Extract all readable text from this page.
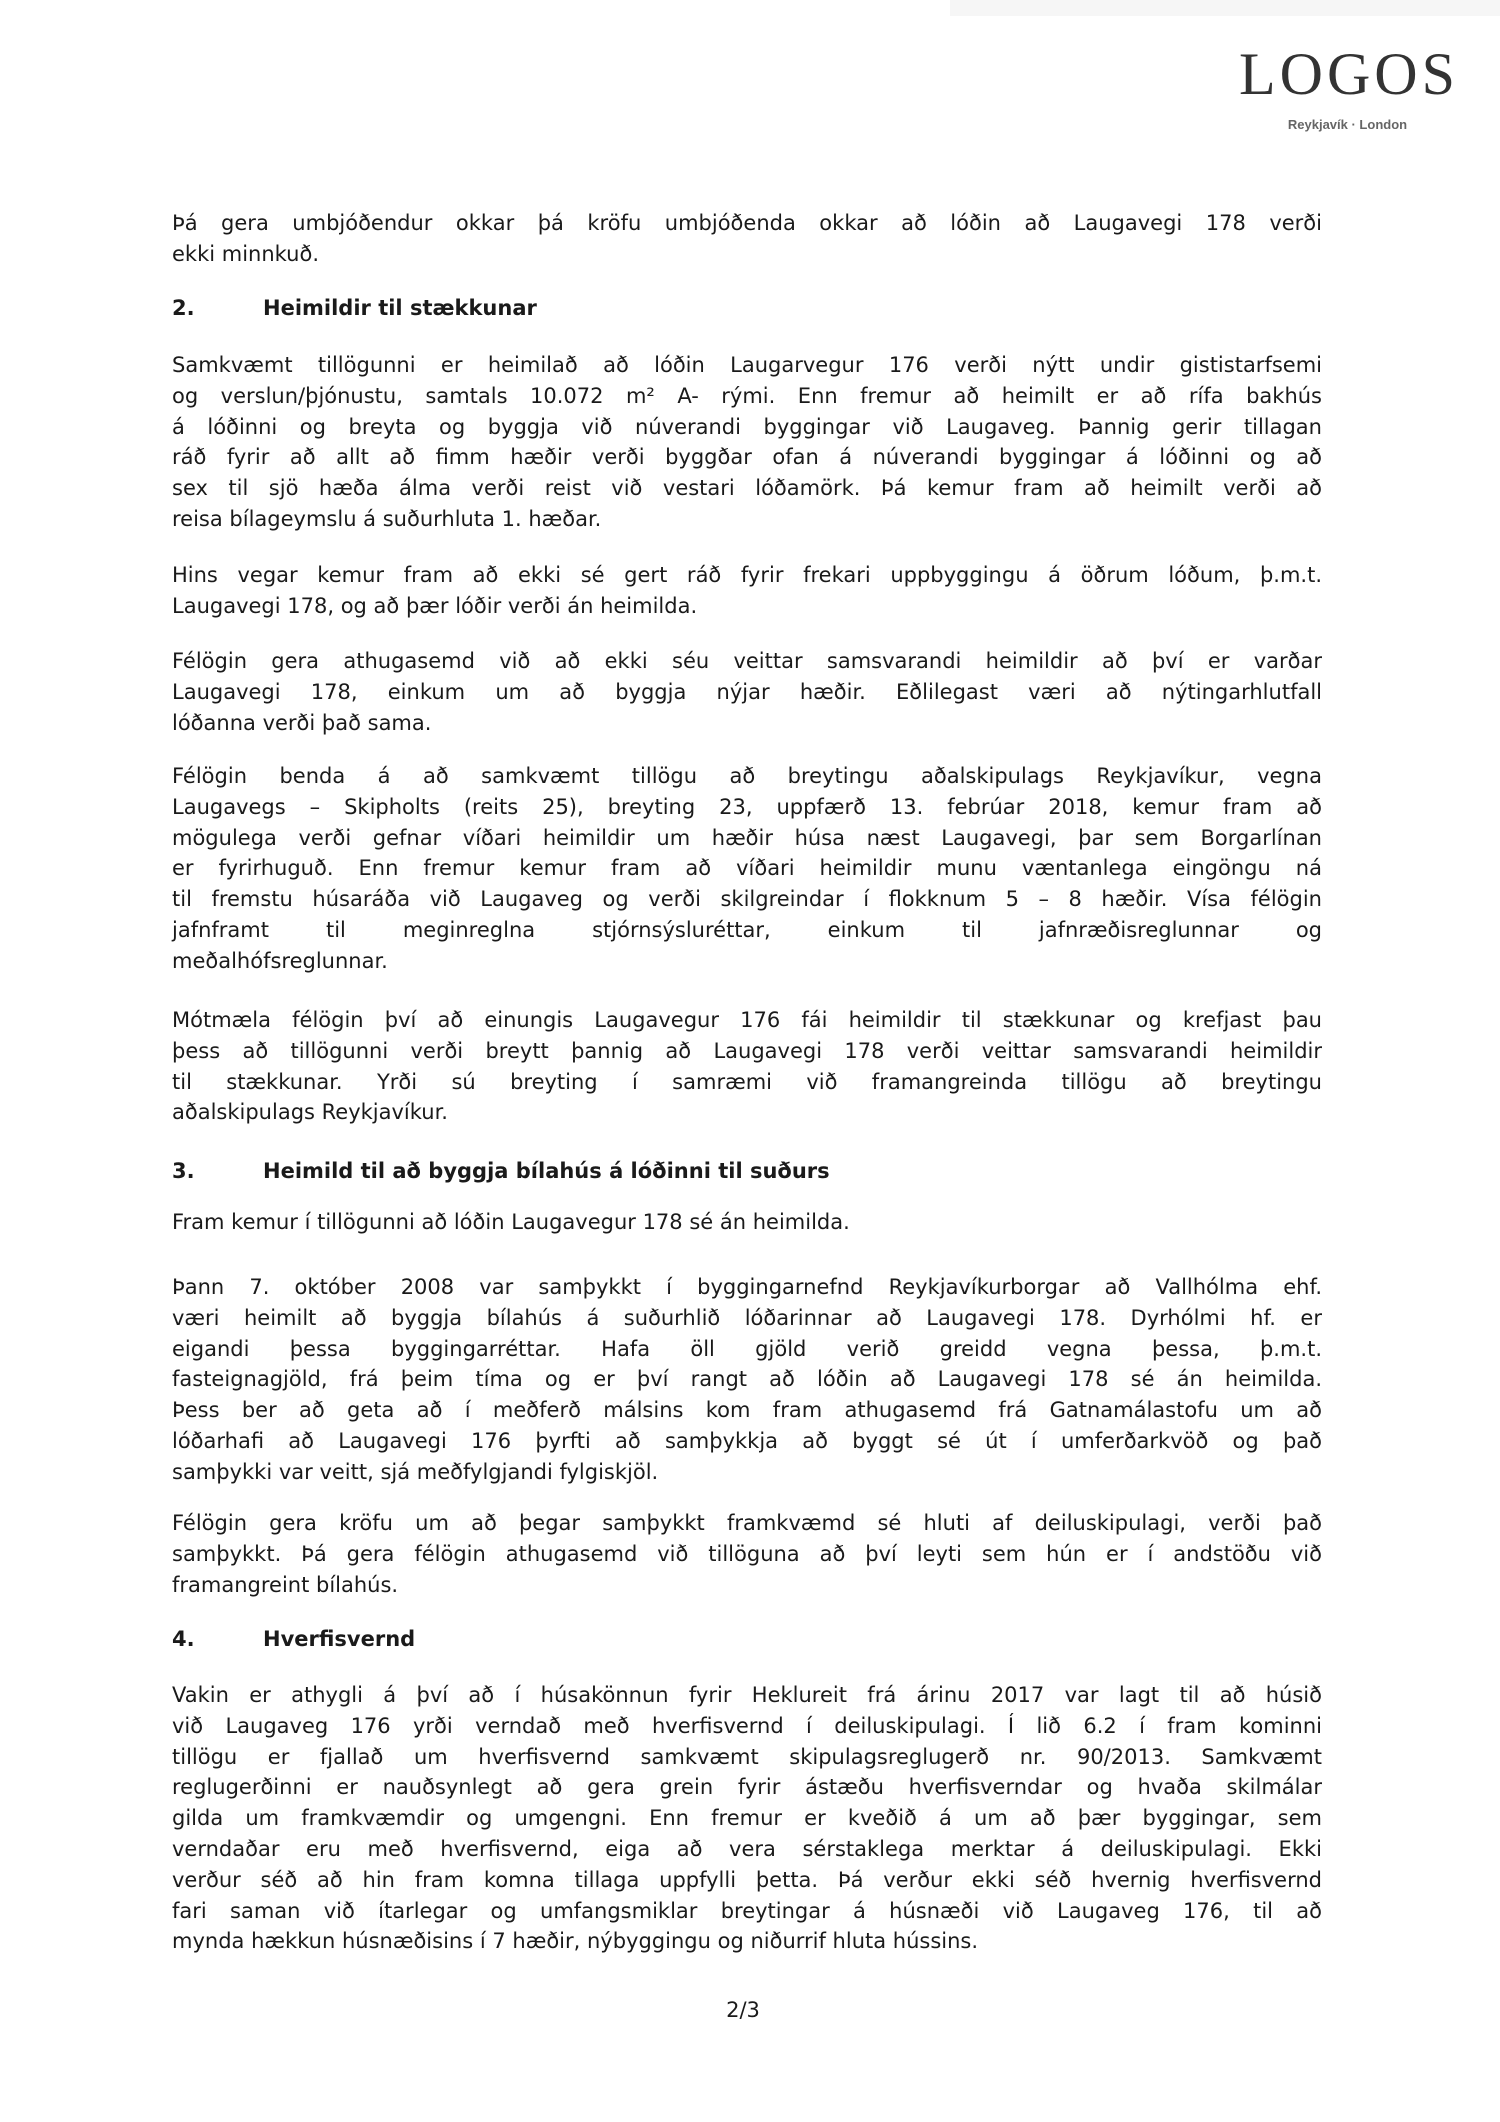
LOGOS
Reykjavík · London
Þá gera umbjóðendur okkar þá kröfu umbjóðenda okkar að lóðin að Laugavegi 178 verði
ekki minnkuð.
2.	Heimildir til stækkunar
Samkvæmt tillögunni er heimilað að lóðin Laugarvegur 176 verði nýtt undir gististarfsemi
og verslun/þjónustu, samtals 10.072 m² A- rými. Enn fremur að heimilt er að rífa bakhús
á lóðinni og breyta og byggja við núverandi byggingar við Laugaveg. Þannig gerir tillagan
ráð fyrir að allt að fimm hæðir verði byggðar ofan á núverandi byggingar á lóðinni og að
sex til sjö hæða álma verði reist við vestari lóðamörk. Þá kemur fram að heimilt verði að
reisa bílageymslu á suðurhluta 1. hæðar.
Hins vegar kemur fram að ekki sé gert ráð fyrir frekari uppbyggingu á öðrum lóðum, þ.m.t.
Laugavegi 178, og að þær lóðir verði án heimilda.
Félögin gera athugasemd við að ekki séu veittar samsvarandi heimildir að því er varðar
Laugavegi 178, einkum um að byggja nýjar hæðir. Eðlilegast væri að nýtingarhlutfall
lóðanna verði það sama.
Félögin benda á að samkvæmt tillögu að breytingu aðalskipulags Reykjavíkur, vegna
Laugavegs – Skipholts (reits 25), breyting 23, uppfærð 13. febrúar 2018, kemur fram að
mögulega verði gefnar víðari heimildir um hæðir húsa næst Laugavegi, þar sem Borgarlínan
er fyrirhuguð. Enn fremur kemur fram að víðari heimildir munu væntanlega eingöngu ná
til fremstu húsaráða við Laugaveg og verði skilgreindar í flokknum 5 – 8 hæðir. Vísa félögin
jafnframt til meginreglna stjórnsýsluréttar, einkum til jafnræðisreglunnar og
meðalhófsreglunnar.
Mótmæla félögin því að einungis Laugavegur 176 fái heimildir til stækkunar og krefjast þau
þess að tillögunni verði breytt þannig að Laugavegi 178 verði veittar samsvarandi heimildir
til stækkunar. Yrði sú breyting í samræmi við framangreinda tillögu að breytingu
aðalskipulags Reykjavíkur.
3.	Heimild til að byggja bílahús á lóðinni til suðurs
Fram kemur í tillögunni að lóðin Laugavegur 178 sé án heimilda.
Þann 7. október 2008 var samþykkt í byggingarnefnd Reykjavíkurborgar að Vallhólma ehf.
væri heimilt að byggja bílahús á suðurhlið lóðarinnar að Laugavegi 178. Dyrhólmi hf. er
eigandi þessa byggingarréttar. Hafa öll gjöld verið greidd vegna þessa, þ.m.t.
fasteignagjöld, frá þeim tíma og er því rangt að lóðin að Laugavegi 178 sé án heimilda.
Þess ber að geta að í meðferð málsins kom fram athugasemd frá Gatnamálastofu um að
lóðarhafi að Laugavegi 176 þyrfti að samþykkja að byggt sé út í umferðarkvöð og það
samþykki var veitt, sjá meðfylgjandi fylgiskjöl.
Félögin gera kröfu um að þegar samþykkt framkvæmd sé hluti af deiluskipulagi, verði það
samþykkt. Þá gera félögin athugasemd við tillöguna að því leyti sem hún er í andstöðu við
framangreint bílahús.
4.	Hverfisvernd
Vakin er athygli á því að í húsakönnun fyrir Heklureit frá árinu 2017 var lagt til að húsið
við Laugaveg 176 yrði verndað með hverfisvernd í deiluskipulagi. Í lið 6.2 í fram kominni
tillögu er fjallað um hverfisvernd samkvæmt skipulagsreglugerð nr. 90/2013. Samkvæmt
reglugerðinni er nauðsynlegt að gera grein fyrir ástæðu hverfisverndar og hvaða skilmálar
gilda um framkvæmdir og umgengni. Enn fremur er kveðið á um að þær byggingar, sem
verndaðar eru með hverfisvernd, eiga að vera sérstaklega merktar á deiluskipulagi. Ekki
verður séð að hin fram komna tillaga uppfylli þetta. Þá verður ekki séð hvernig hverfisvernd
fari saman við ítarlegar og umfangsmiklar breytingar á húsnæði við Laugaveg 176, til að
mynda hækkun húsnæðisins í 7 hæðir, nýbyggingu og niðurrif hluta hússins.
2/3
